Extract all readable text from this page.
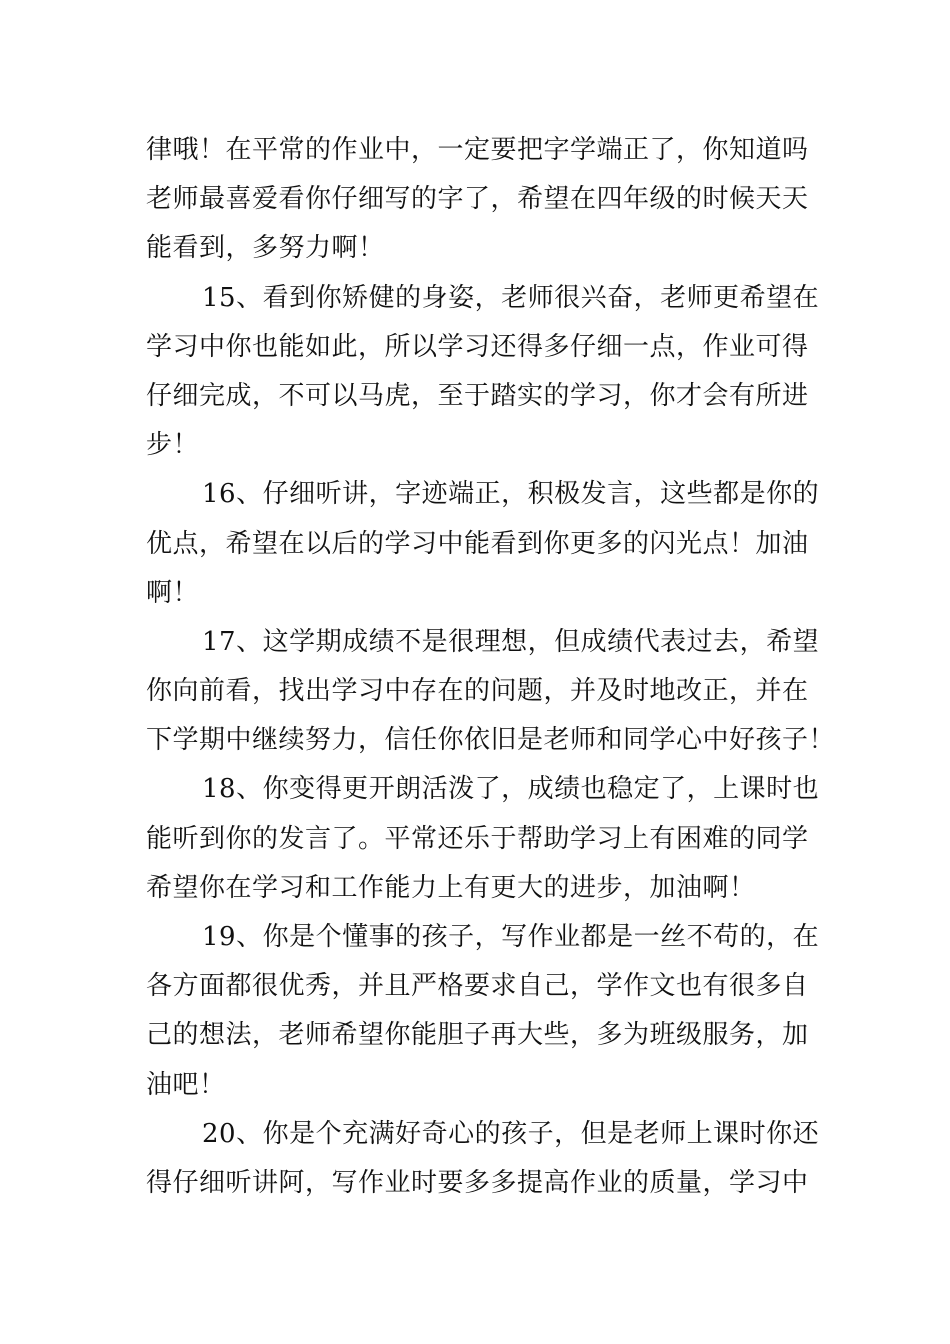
律哦！在平常的作业中，一定要把字学端正了，你知道吗
老师最喜爱看你仔细写的字了，希望在四年级的时候天天
能看到，多努力啊！

15、看到你矫健的身姿，老师很兴奋，老师更希望在
学习中你也能如此，所以学习还得多仔细一点，作业可得
仔细完成，不可以马虎，至于踏实的学习，你才会有所进
步！

16、仔细听讲，字迹端正，积极发言，这些都是你的
优点，希望在以后的学习中能看到你更多的闪光点！加油
啊！

17、这学期成绩不是很理想，但成绩代表过去，希望
你向前看，找出学习中存在的问题，并及时地改正，并在
下学期中继续努力，信任你依旧是老师和同学心中好孩子！

18、你变得更开朗活泼了，成绩也稳定了，上课时也
能听到你的发言了。平常还乐于帮助学习上有困难的同学
希望你在学习和工作能力上有更大的进步，加油啊！

19、你是个懂事的孩子，写作业都是一丝不苟的，在
各方面都很优秀，并且严格要求自己，学作文也有很多自
己的想法，老师希望你能胆子再大些，多为班级服务，加
油吧！

20、你是个充满好奇心的孩子，但是老师上课时你还
得仔细听讲阿，写作业时要多多提高作业的质量，学习中
